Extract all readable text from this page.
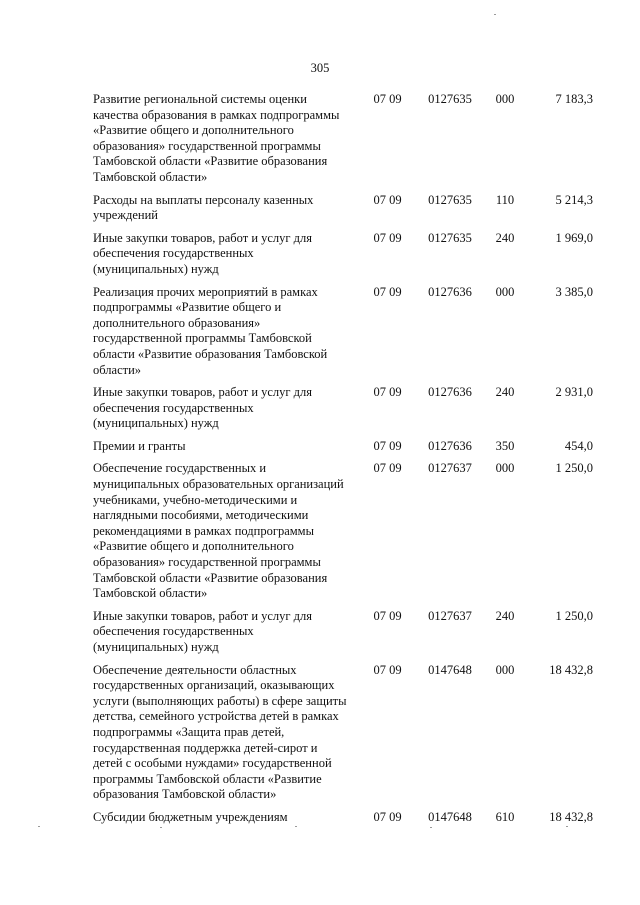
305
Развитие региональной системы оценки качества образования в рамках подпрограммы «Развитие общего и дополнительного образования» государственной программы Тамбовской области «Развитие образования Тамбовской области»	07 09	0127635	000	7 183,3
Расходы на выплаты персоналу казенных учреждений	07 09	0127635	110	5 214,3
Иные закупки товаров, работ и услуг для обеспечения государственных (муниципальных) нужд	07 09	0127635	240	1 969,0
Реализация прочих мероприятий в рамках подпрограммы «Развитие общего и дополнительного образования» государственной программы Тамбовской области «Развитие образования Тамбовской области»	07 09	0127636	000	3 385,0
Иные закупки товаров, работ и услуг для обеспечения государственных (муниципальных) нужд	07 09	0127636	240	2 931,0
Премии и гранты	07 09	0127636	350	454,0
Обеспечение государственных и муниципальных образовательных организаций учебниками, учебно-методическими и наглядными пособиями, методическими рекомендациями в рамках подпрограммы «Развитие общего и дополнительного образования» государственной программы Тамбовской области «Развитие образования Тамбовской области»	07 09	0127637	000	1 250,0
Иные закупки товаров, работ и услуг для обеспечения государственных (муниципальных) нужд	07 09	0127637	240	1 250,0
Обеспечение деятельности областных государственных организаций, оказывающих услуги (выполняющих работы) в сфере защиты детства, семейного устройства детей в рамках подпрограммы «Защита прав детей, государственная поддержка детей-сирот и детей с особыми нуждами» государственной программы Тамбовской области «Развитие образования Тамбовской области»	07 09	0147648	000	18 432,8
Субсидии бюджетным учреждениям	07 09	0147648	610	18 432,8
